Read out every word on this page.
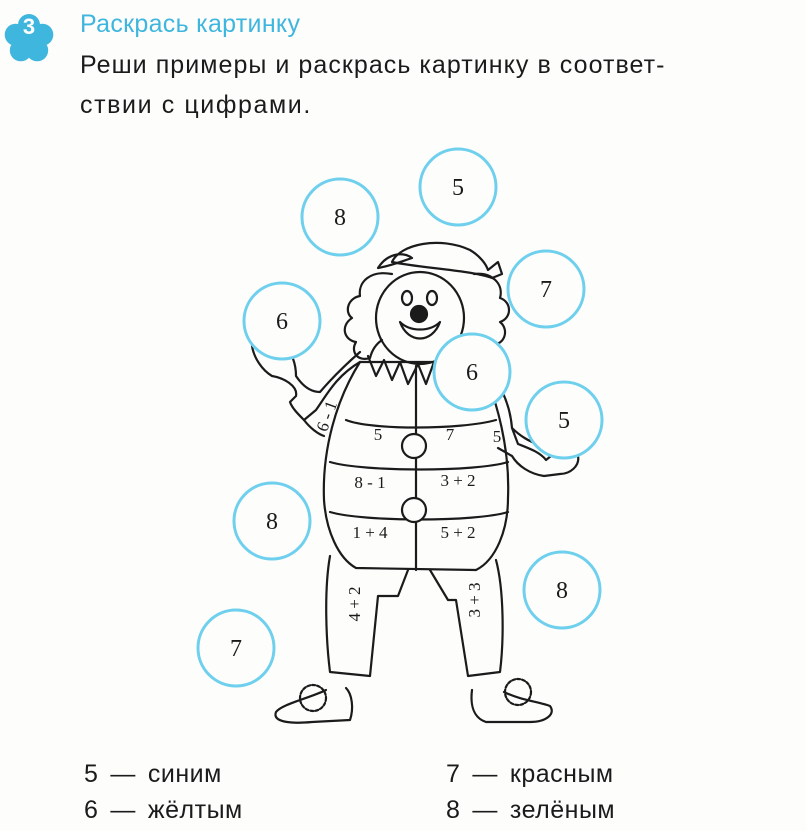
3	Раскрась картинку
Реши примеры и раскрась картинку в соответ-
ствии с цифрами.
6 - 1
5	7 5
8 - 1	3 + 2
1 + 4	5 + 2
4 + 2	3 + 3
8
5
7
6
6
5
8
8
7
5 — синим
6 — жёлтым
7 — красным
8 — зелёным
